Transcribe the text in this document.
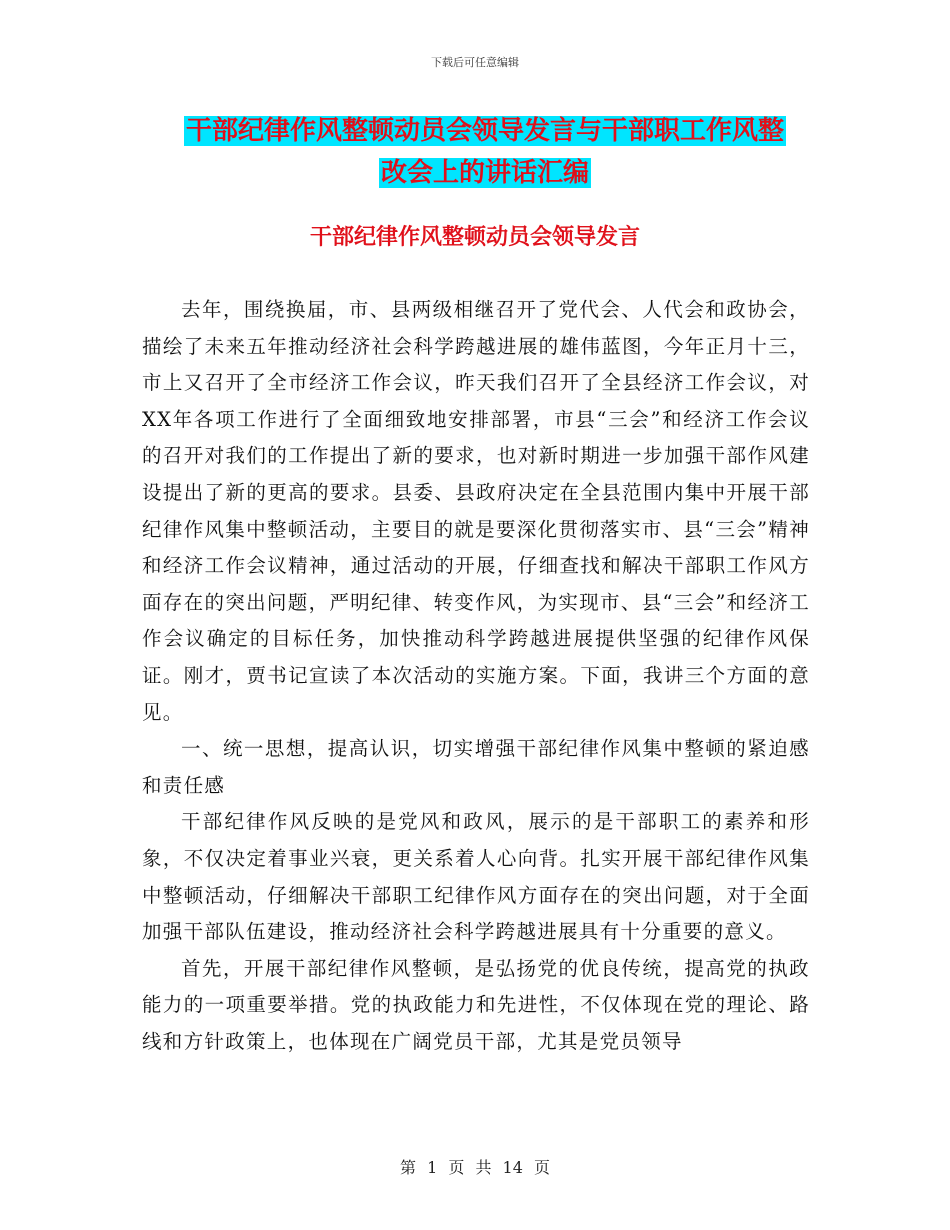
下载后可任意编辑
干部纪律作风整顿动员会领导发言与干部职工作风整
改会上的讲话汇编
干部纪律作风整顿动员会领导发言

去年，围绕换届，市、县两级相继召开了党代会、人代会和政协会，描绘了未来五年推动经济社会科学跨越进展的雄伟蓝图，今年正月十三，市上又召开了全市经济工作会议，昨天我们召开了全县经济工作会议，对XX年各项工作进行了全面细致地安排部署，市县“三会”和经济工作会议的召开对我们的工作提出了新的要求，也对新时期进一步加强干部作风建设提出了新的更高的要求。县委、县政府决定在全县范围内集中开展干部纪律作风集中整顿活动，主要目的就是要深化贯彻落实市、县“三会”精神和经济工作会议精神，通过活动的开展，仔细查找和解决干部职工作风方面存在的突出问题，严明纪律、转变作风，为实现市、县“三会”和经济工作会议确定的目标任务，加快推动科学跨越进展提供坚强的纪律作风保证。刚才，贾书记宣读了本次活动的实施方案。下面，我讲三个方面的意见。

一、统一思想，提高认识，切实增强干部纪律作风集中整顿的紧迫感和责任感

干部纪律作风反映的是党风和政风，展示的是干部职工的素养和形象，不仅决定着事业兴衰，更关系着人心向背。扎实开展干部纪律作风集中整顿活动，仔细解决干部职工纪律作风方面存在的突出问题，对于全面加强干部队伍建设，推动经济社会科学跨越进展具有十分重要的意义。

首先，开展干部纪律作风整顿，是弘扬党的优良传统，提高党的执政能力的一项重要举措。党的执政能力和先进性，不仅体现在党的理论、路线和方针政策上，也体现在广阔党员干部，尤其是党员领导

第 1 页 共 14 页
